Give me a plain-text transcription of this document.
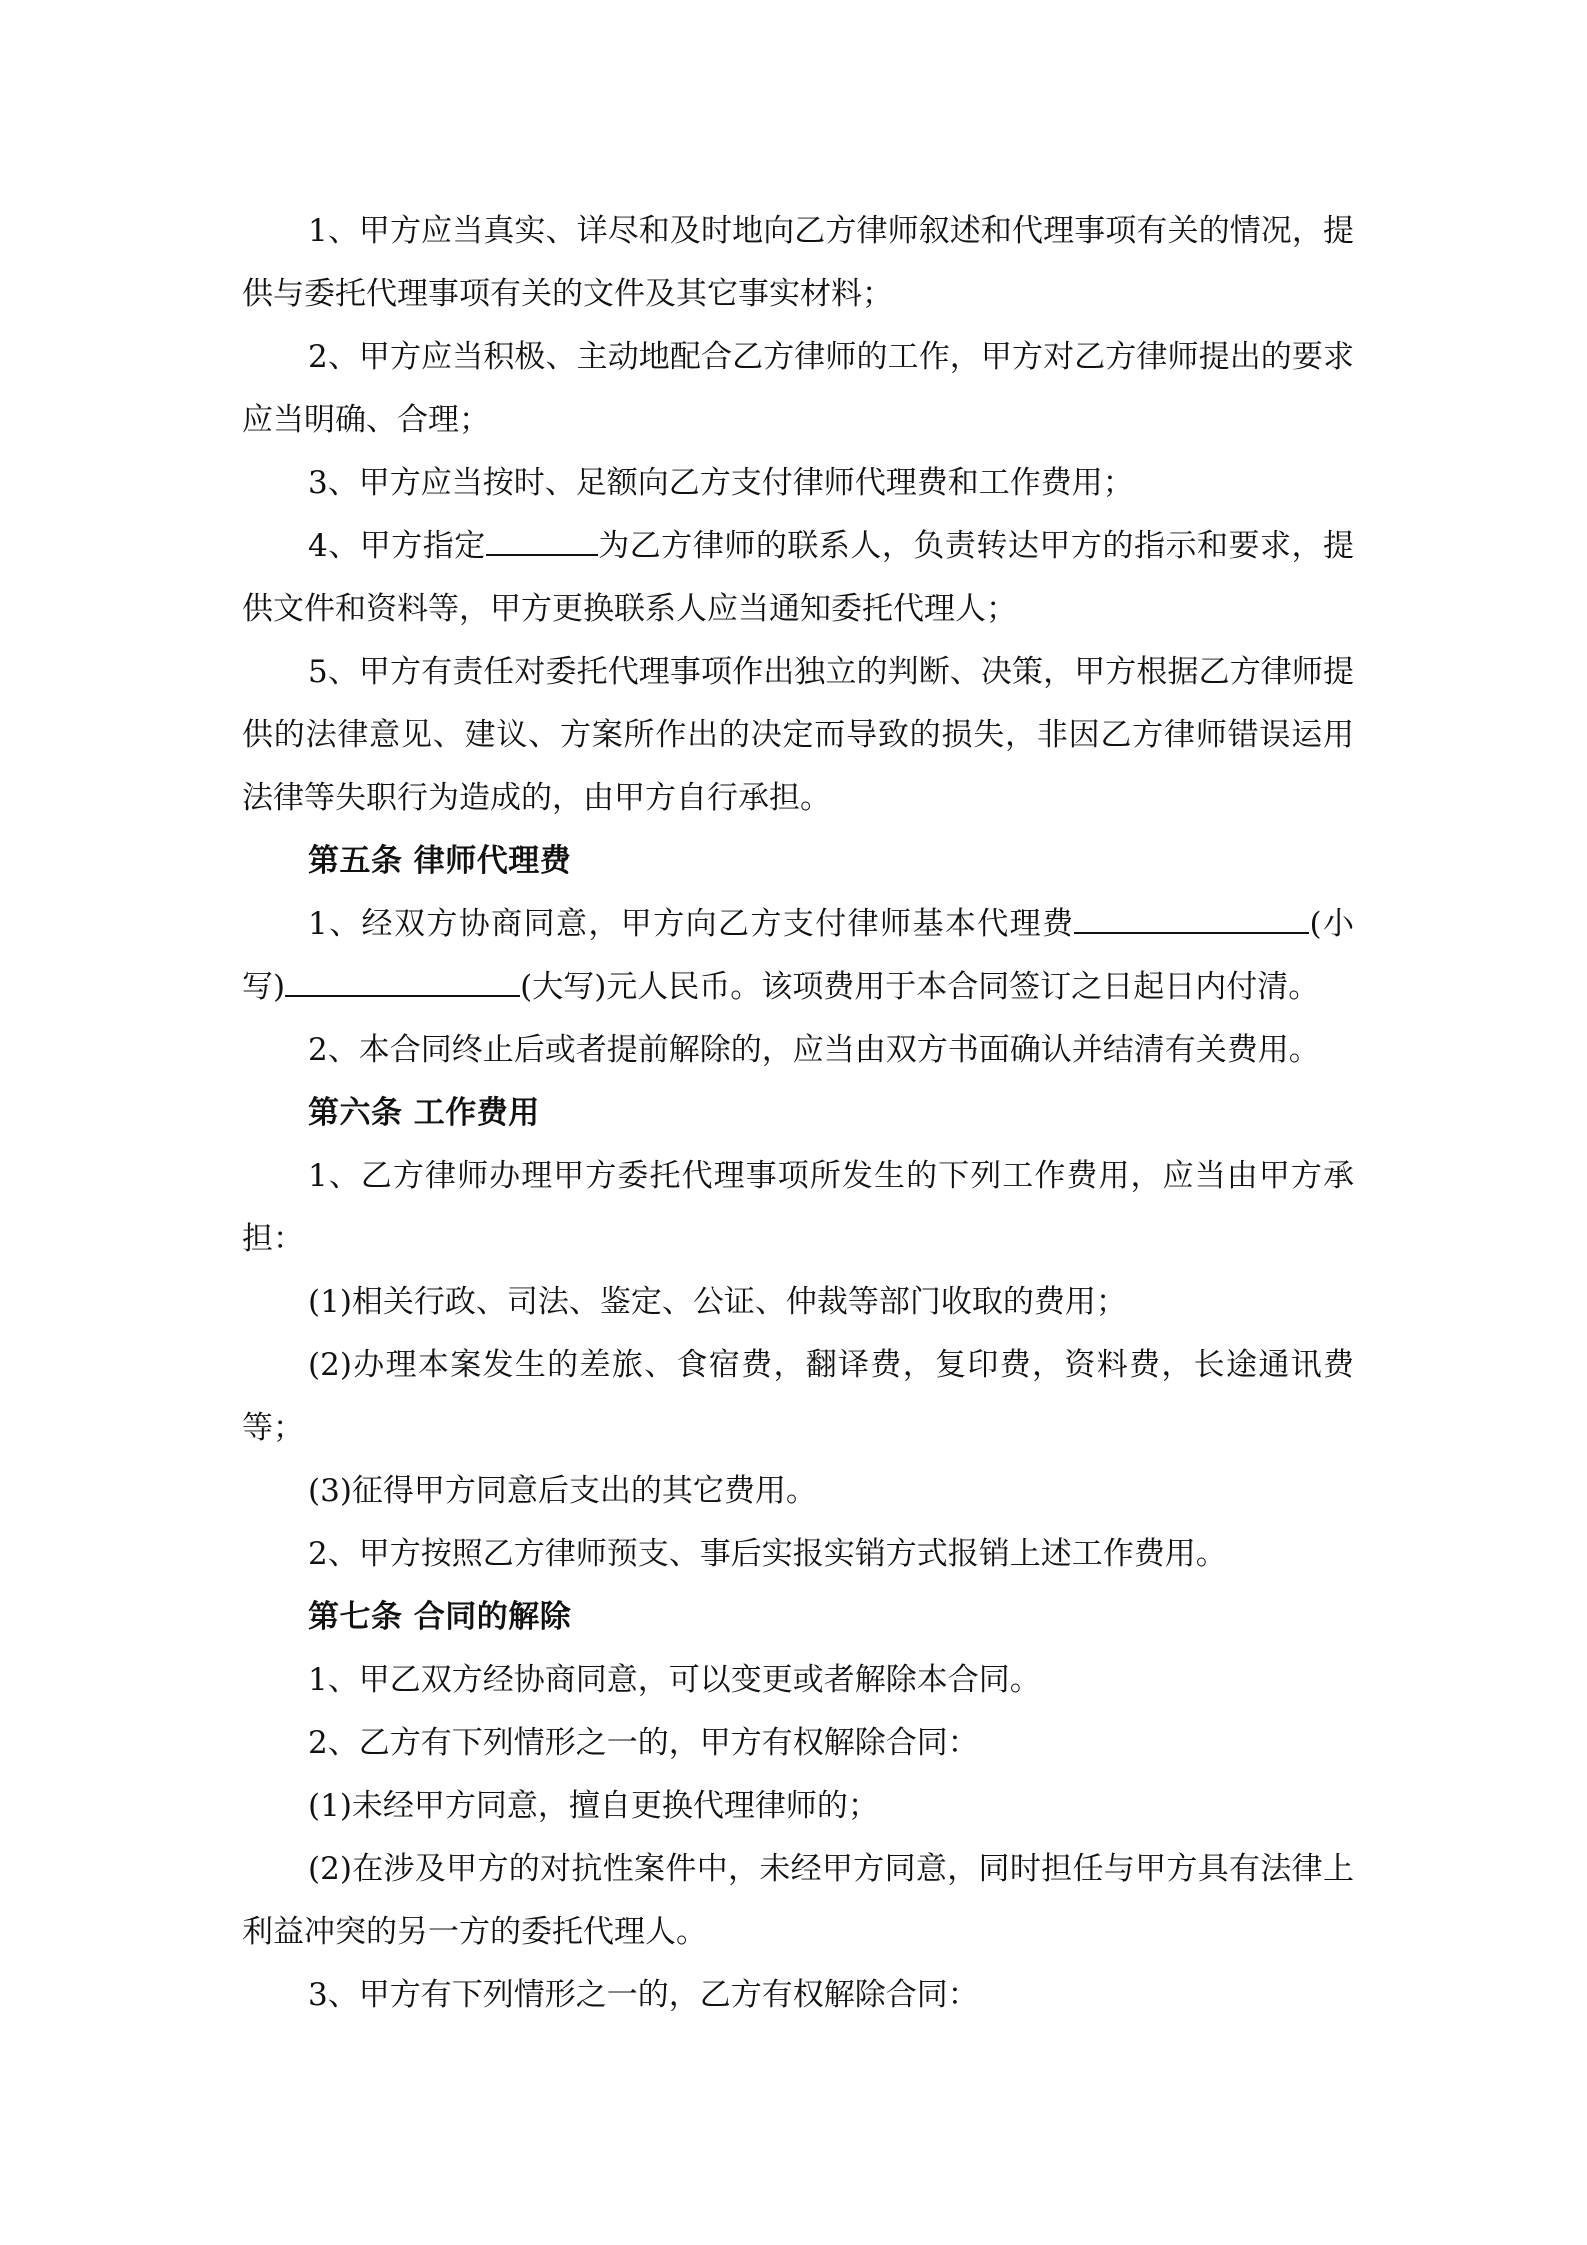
1、甲方应当真实、详尽和及时地向乙方律师叙述和代理事项有关的情况，提供与委托代理事项有关的文件及其它事实材料；

2、甲方应当积极、主动地配合乙方律师的工作，甲方对乙方律师提出的要求应当明确、合理；

3、甲方应当按时、足额向乙方支付律师代理费和工作费用；

4、甲方指定	为乙方律师的联系人，负责转达甲方的指示和要求，提供文件和资料等，甲方更换联系人应当通知委托代理人；

5、甲方有责任对委托代理事项作出独立的判断、决策，甲方根据乙方律师提供的法律意见、建议、方案所作出的决定而导致的损失，非因乙方律师错误运用法律等失职行为造成的，由甲方自行承担。

第五条 律师代理费

1、经双方协商同意，甲方向乙方支付律师基本代理费	(小写)	(大写)元人民币。该项费用于本合同签订之日起日内付清。

2、本合同终止后或者提前解除的，应当由双方书面确认并结清有关费用。

第六条 工作费用

1、乙方律师办理甲方委托代理事项所发生的下列工作费用，应当由甲方承担：

(1)相关行政、司法、鉴定、公证、仲裁等部门收取的费用；

(2)办理本案发生的差旅、食宿费，翻译费，复印费，资料费，长途通讯费等；

(3)征得甲方同意后支出的其它费用。

2、甲方按照乙方律师预支、事后实报实销方式报销上述工作费用。

第七条 合同的解除

1、甲乙双方经协商同意，可以变更或者解除本合同。

2、乙方有下列情形之一的，甲方有权解除合同：

(1)未经甲方同意，擅自更换代理律师的；

(2)在涉及甲方的对抗性案件中，未经甲方同意，同时担任与甲方具有法律上利益冲突的另一方的委托代理人。

3、甲方有下列情形之一的，乙方有权解除合同：
